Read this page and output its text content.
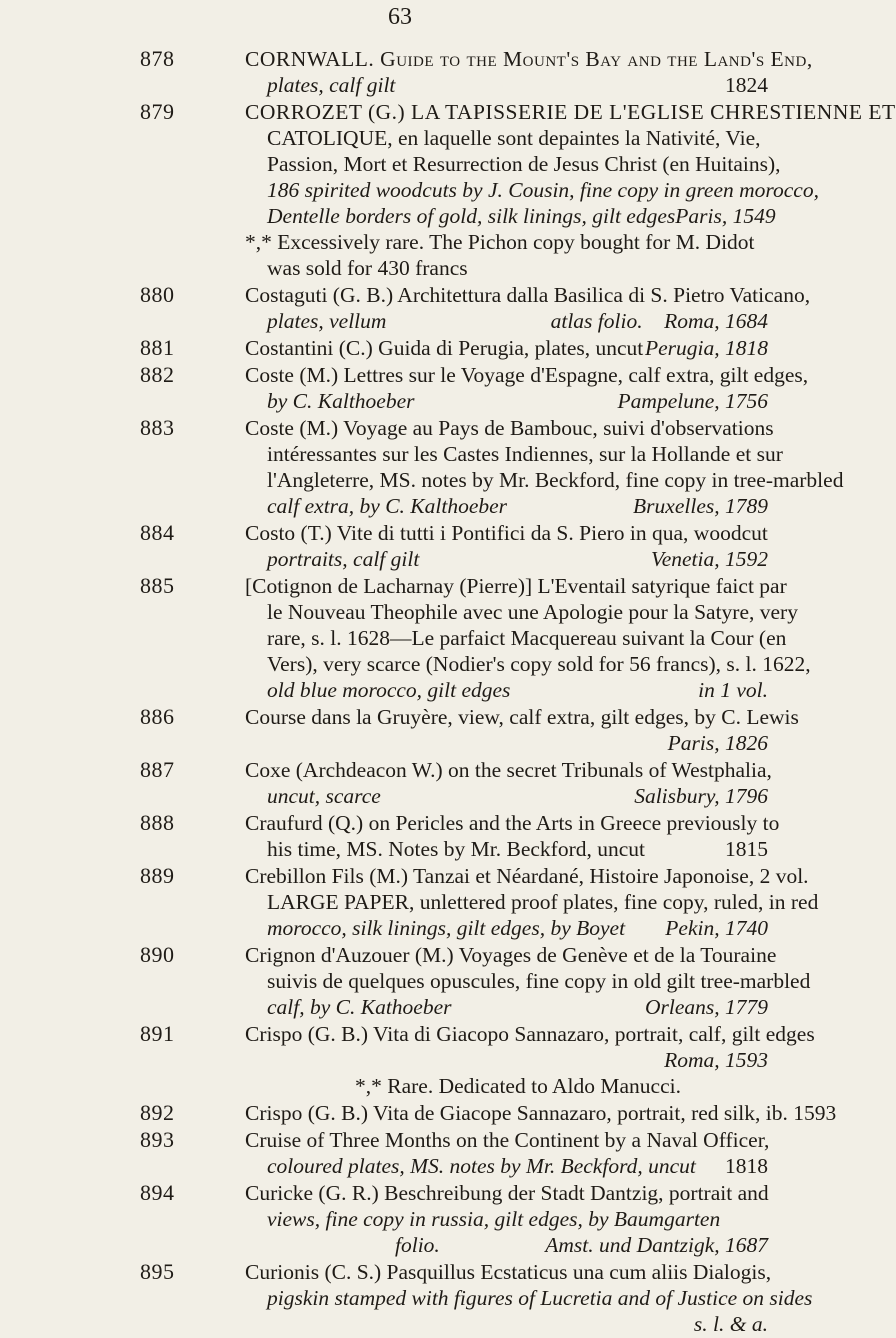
63
878	CORNWALL. Guide to the Mount's Bay and the Land's End,
plates, calf gilt	1824
879	CORROZET (G.) LA TAPISSERIE DE L'EGLISE CHRESTIENNE ET
CATOLIQUE, en laquelle sont depaintes la Nativité, Vie,
Passion, Mort et Resurrection de Jesus Christ (en Huitains),
186 spirited woodcuts by J. Cousin, fine copy in green morocco,
Dentelle borders of gold, silk linings, gilt edges Paris, 1549
*,* Excessively rare. The Pichon copy bought for M. Didot
was sold for 430 francs
880	Costaguti (G. B.) Architettura dalla Basilica di S. Pietro Vaticano,
plates, vellum	atlas folio. Roma, 1684
881	Costantini (C.) Guida di Perugia, plates, uncut Perugia, 1818
882	Coste (M.) Lettres sur le Voyage d'Espagne, calf extra, gilt edges,
by C. Kalthoeber	Pampelune, 1756
883	Coste (M.) Voyage au Pays de Bambouc, suivi d'observations
intéressantes sur les Castes Indiennes, sur la Hollande et sur
l'Angleterre, MS. notes by Mr. Beckford, fine copy in tree-marbled
calf extra, by C. Kalthoeber	Bruxelles, 1789
884	Costo (T.) Vite di tutti i Pontifici da S. Piero in qua, woodcut
portraits, calf gilt	Venetia, 1592
885	[Cotignon de Lacharnay (Pierre)] L'Eventail satyrique faict par
le Nouveau Theophile avec une Apologie pour la Satyre, very
rare, s. l. 1628—Le parfaict Macquereau suivant la Cour (en
Vers), very scarce (Nodier's copy sold for 56 francs), s. l. 1622,
old blue morocco, gilt edges	in 1 vol.
886	Course dans la Gruyère, view, calf extra, gilt edges, by C. Lewis
Paris, 1826
887	Coxe (Archdeacon W.) on the secret Tribunals of Westphalia,
uncut, scarce	Salisbury, 1796
888	Craufurd (Q.) on Pericles and the Arts in Greece previously to
his time, MS. Notes by Mr. Beckford, uncut	1815
889	Crebillon Fils (M.) Tanzai et Néardané, Histoire Japonoise, 2 vol.
LARGE PAPER, unlettered proof plates, fine copy, ruled, in red
morocco, silk linings, gilt edges, by Boyet Pekin, 1740
890	Crignon d'Auzouer (M.) Voyages de Genève et de la Touraine
suivis de quelques opuscules, fine copy in old gilt tree-marbled
calf, by C. Kathoeber	Orleans, 1779
891	Crispo (G. B.) Vita di Giacopo Sannazaro, portrait, calf, gilt edges
Roma, 1593
*,* Rare. Dedicated to Aldo Manucci.
892	Crispo (G. B.) Vita de Giacope Sannazaro, portrait, red silk, ib. 1593
893	Cruise of Three Months on the Continent by a Naval Officer,
coloured plates, MS. notes by Mr. Beckford, uncut 1818
894	Curicke (G. R.) Beschreibung der Stadt Dantzig, portrait and
views, fine copy in russia, gilt edges, by Baumgarten
folio.	Amst. und Dantzigk, 1687
895	Curionis (C. S.) Pasquillus Ecstaticus una cum aliis Dialogis,
pigskin stamped with figures of Lucretia and of Justice on sides
s. l. & a.
